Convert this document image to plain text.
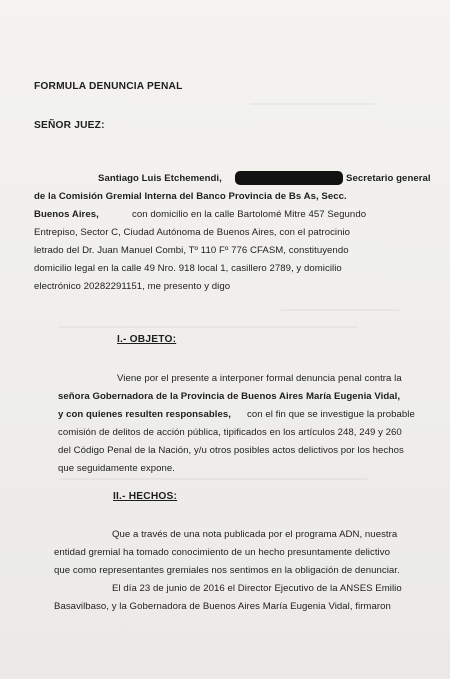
FORMULA DENUNCIA PENAL
SEÑOR JUEZ:
Santiago Luis Etchemendi,	Secretario general
de la Comisión Gremial Interna del Banco Provincia de Bs As, Secc.
Buenos Aires,	con domicilio en la calle Bartolomé Mitre 457 Segundo
Entrepiso, Sector C, Ciudad Autónoma de Buenos Aires, con el patrocinio
letrado del Dr. Juan Manuel Combi, Tº 110 Fº 776 CFASM, constituyendo
domicilio legal en la calle 49 Nro. 918 local 1, casillero 2789, y domicilio
electrónico 20282291151, me presento y digo
I.- OBJETO:
Viene por el presente a interponer formal denuncia penal contra la
señora Gobernadora de la Provincia de Buenos Aires María Eugenia Vidal,
y con quienes resulten responsables, con el fin que se investigue la probable
comisión de delitos de acción pública, tipificados en los artículos 248, 249 y 260
del Código Penal de la Nación, y/u otros posibles actos delictivos por los hechos
que seguidamente expone.
II.- HECHOS:
Que a través de una nota publicada por el programa ADN, nuestra
entidad gremial ha tomado conocimiento de un hecho presuntamente delictivo
que como representantes gremiales nos sentimos en la obligación de denunciar.
El día 23 de junio de 2016 el Director Ejecutivo de la ANSES Emilio
Basavilbaso, y la Gobernadora de Buenos Aires María Eugenia Vidal, firmaron
